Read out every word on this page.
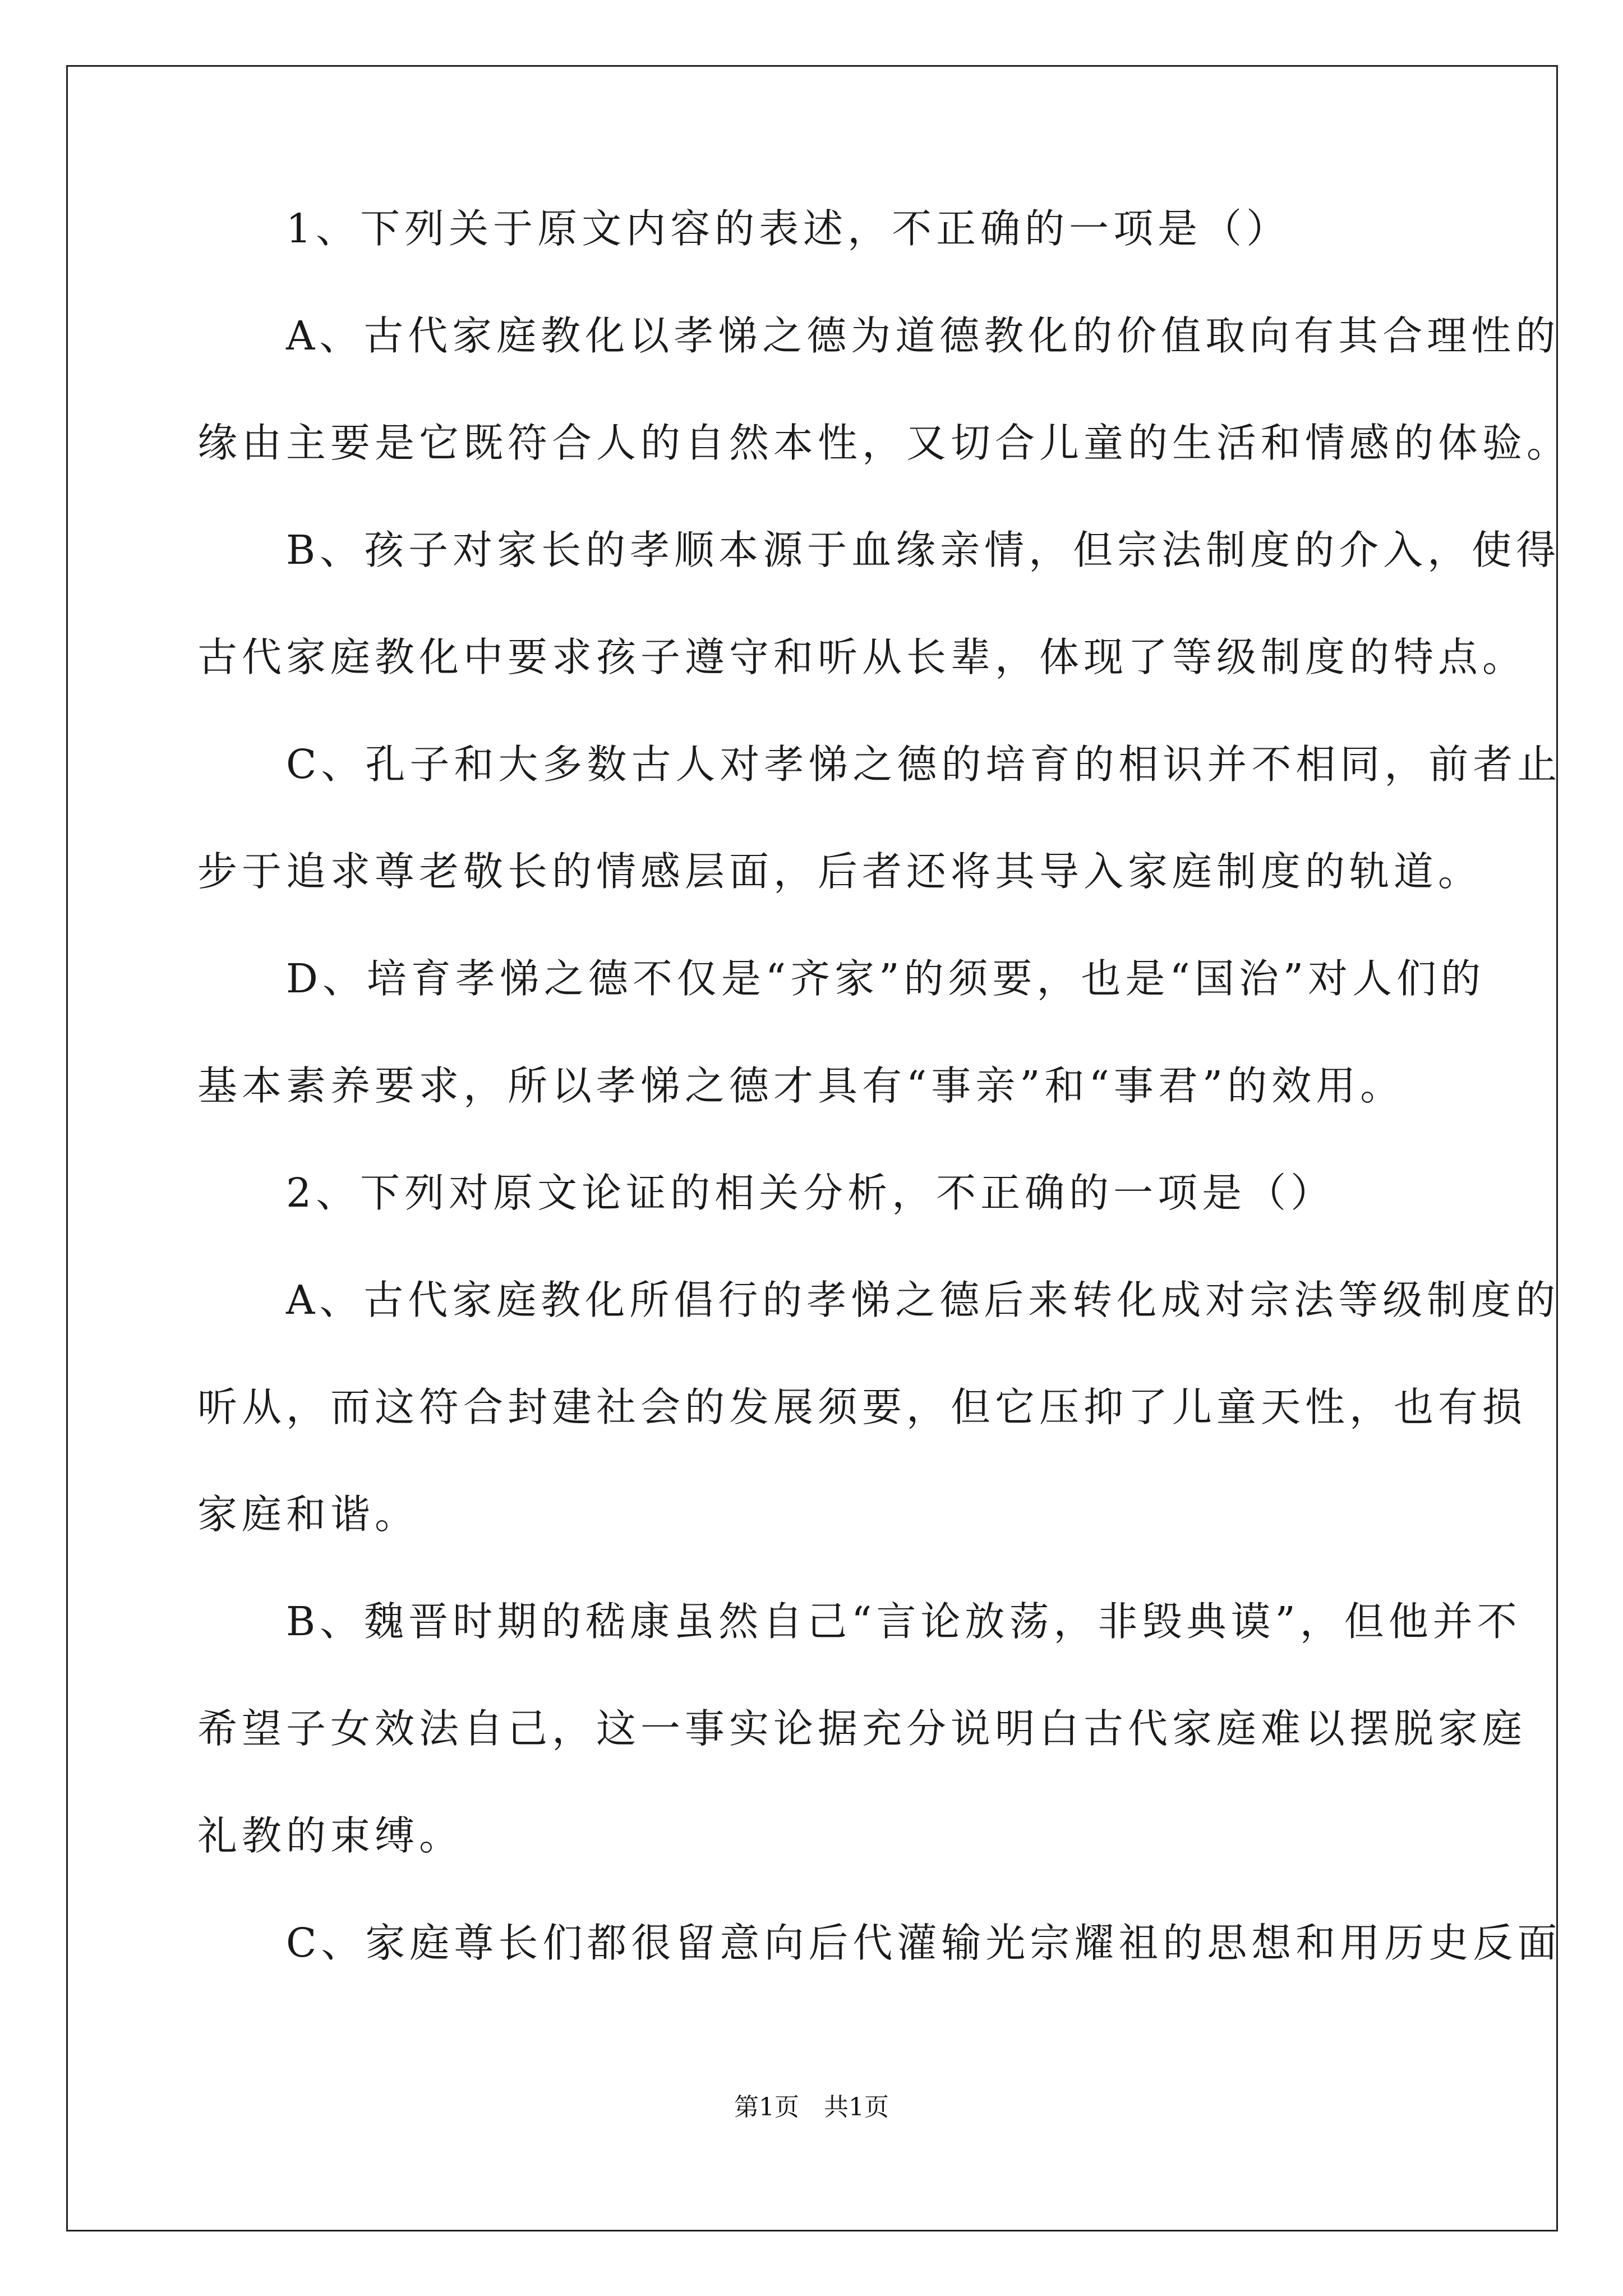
　　1、下列关于原文内容的表述，不正确的一项是（）
　　A、古代家庭教化以孝悌之德为道德教化的价值取向有其合理性的
缘由主要是它既符合人的自然本性，又切合儿童的生活和情感的体验。
　　B、孩子对家长的孝顺本源于血缘亲情，但宗法制度的介入，使得
古代家庭教化中要求孩子遵守和听从长辈，体现了等级制度的特点。
　　C、孔子和大多数古人对孝悌之德的培育的相识并不相同，前者止
步于追求尊老敬长的情感层面，后者还将其导入家庭制度的轨道。
　　D、培育孝悌之德不仅是“齐家”的须要，也是“国治”对人们的
基本素养要求，所以孝悌之德才具有“事亲”和“事君”的效用。
　　2、下列对原文论证的相关分析，不正确的一项是（）
　　A、古代家庭教化所倡行的孝悌之德后来转化成对宗法等级制度的
听从，而这符合封建社会的发展须要，但它压抑了儿童天性，也有损
家庭和谐。
　　B、魏晋时期的嵇康虽然自己“言论放荡，非毁典谟”，但他并不
希望子女效法自己，这一事实论据充分说明白古代家庭难以摆脱家庭
礼教的束缚。
　　C、家庭尊长们都很留意向后代灌输光宗耀祖的思想和用历史反面
第1页　共1页
